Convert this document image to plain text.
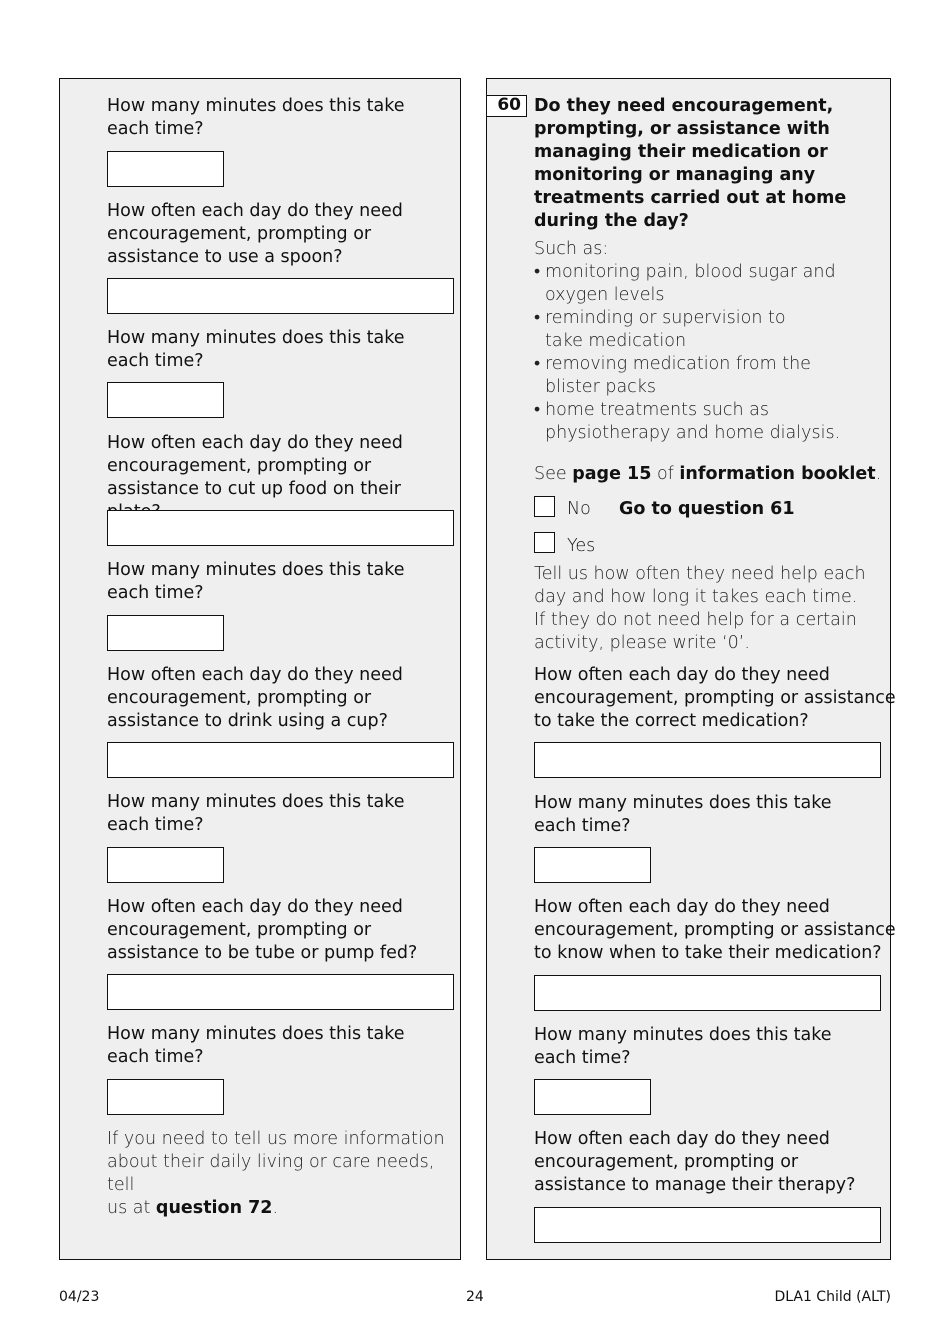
How many minutes does this take
each time?

How often each day do they need
encouragement, prompting or
assistance to use a spoon?

How many minutes does this take
each time?

How often each day do they need
encouragement, prompting or
assistance to cut up food on their

How many minutes does this take
each time?

How often each day do they need
encouragement, prompting or
assistance to drink using a cup?

How many minutes does this take
each time?

How often each day do they need
encouragement, prompting or
assistance to be tube or pump fed?

How many minutes does this take
each time?

If you need to tell us more information
about their daily living or care needs, tell
us at question 72.

60 Do they need encouragement,
prompting, or assistance with
managing their medication or
monitoring or managing any
treatments carried out at home
during the day?

Such as:

• monitoring pain, blood sugar and
oxygen levels
• reminding or supervision to
take medication
• removing medication from the
blister packs
• home treatments such as
physiotherapy and home dialysis.

See page 15 of information booklet.

No Go to question 61
Yes

Tell us how often they need help each
day and how long it takes each time.
If they do not need help for a certain
activity, please write ‘0’.

How often each day do they need
encouragement, prompting or assistance
to take the correct medication?

How many minutes does this take
each time?

How often each day do they need
encouragement, prompting or assistance
to know when to take their medication?

How many minutes does this take
each time?

How often each day do they need
encouragement, prompting or
assistance to manage their therapy?

04/23	24	DLA1 Child (ALT)
